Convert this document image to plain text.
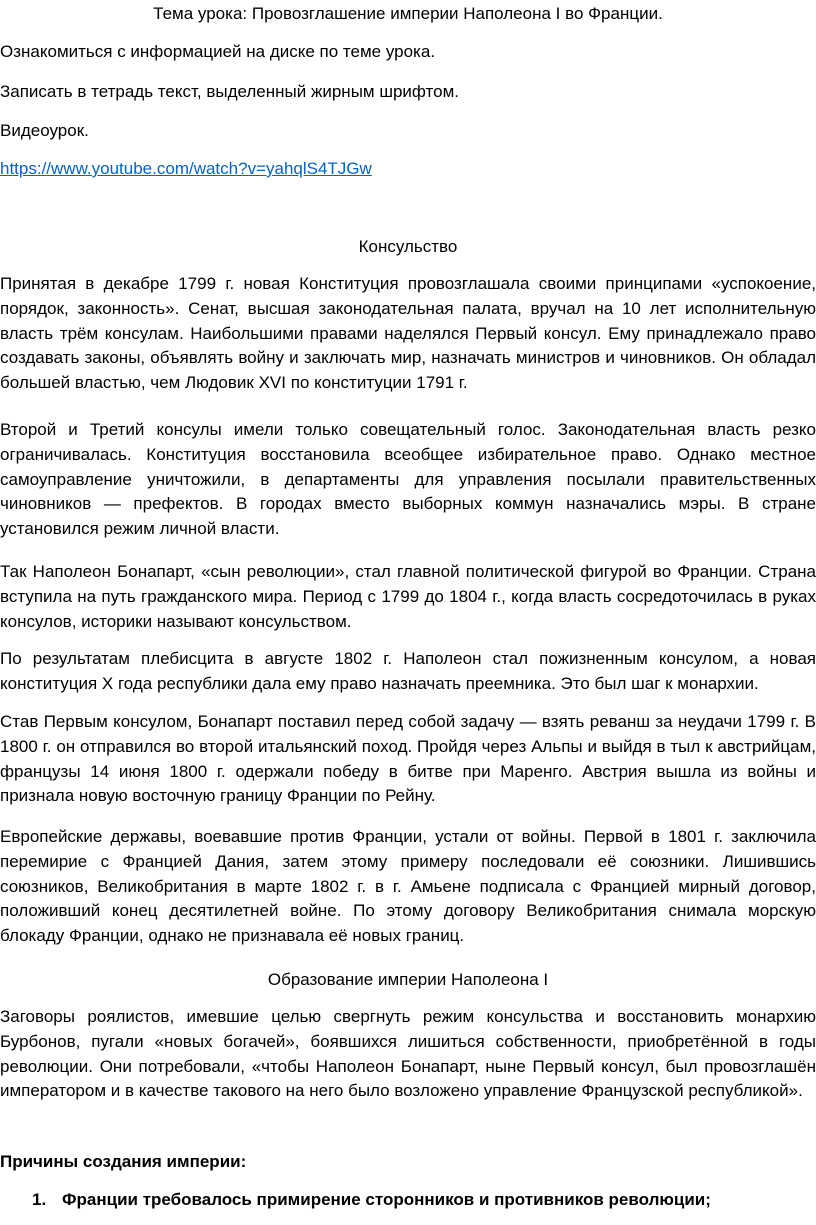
Тема урока: Провозглашение империи Наполеона I во Франции.

Ознакомиться с информацией на диске по теме урока.

Записать в тетрадь текст, выделенный жирным шрифтом.

Видеоурок.

https://www.youtube.com/watch?v=yahqlS4TJGw

Консульство

Принятая в декабре 1799 г. новая Конституция провозглашала своими принципами «успокоение, порядок, законность». Сенат, высшая законодательная палата, вручал на 10 лет исполнительную власть трём консулам. Наибольшими правами наделялся Первый консул. Ему принадлежало право создавать законы, объявлять войну и заключать мир, назначать министров и чиновников. Он обладал большей властью, чем Людовик XVI по конституции 1791 г.

Второй и Третий консулы имели только совещательный голос. Законодательная власть резко ограничивалась. Конституция восстановила всеобщее избирательное право. Однако местное самоуправление уничтожили, в департаменты для управления посылали правительственных чиновников — префектов. В городах вместо выборных коммун назначались мэры. В стране установился режим личной власти.

Так Наполеон Бонапарт, «сын революции», стал главной политической фигурой во Франции. Страна вступила на путь гражданского мира. Период с 1799 до 1804 г., когда власть сосредоточилась в руках консулов, историки называют консульством.

По результатам плебисцита в августе 1802 г. Наполеон стал пожизненным консулом, а новая конституция X года республики дала ему право назначать преемника. Это был шаг к монархии.

Став Первым консулом, Бонапарт поставил перед собой задачу — взять реванш за неудачи 1799 г. В 1800 г. он отправился во второй итальянский поход. Пройдя через Альпы и выйдя в тыл к австрийцам, французы 14 июня 1800 г. одержали победу в битве при Маренго. Австрия вышла из войны и признала новую восточную границу Франции по Рейну.

Европейские державы, воевавшие против Франции, устали от войны. Первой в 1801 г. заключила перемирие с Францией Дания, затем этому примеру последовали её союзники. Лишившись союзников, Великобритания в марте 1802 г. в г. Амьене подписала с Францией мирный договор, положивший конец десятилетней войне. По этому договору Великобритания снимала морскую блокаду Франции, однако не признавала её новых границ.

Образование империи Наполеона I

Заговоры роялистов, имевшие целью свергнуть режим консульства и восстановить монархию Бурбонов, пугали «новых богачей», боявшихся лишиться собственности, приобретённой в годы революции. Они потребовали, «чтобы Наполеон Бонапарт, ныне Первый консул, был провозглашён императором и в качестве такового на него было возложено управление Французской республикой».

Причины создания империи:

1. Франции требовалось примирение сторонников и противников революции;
